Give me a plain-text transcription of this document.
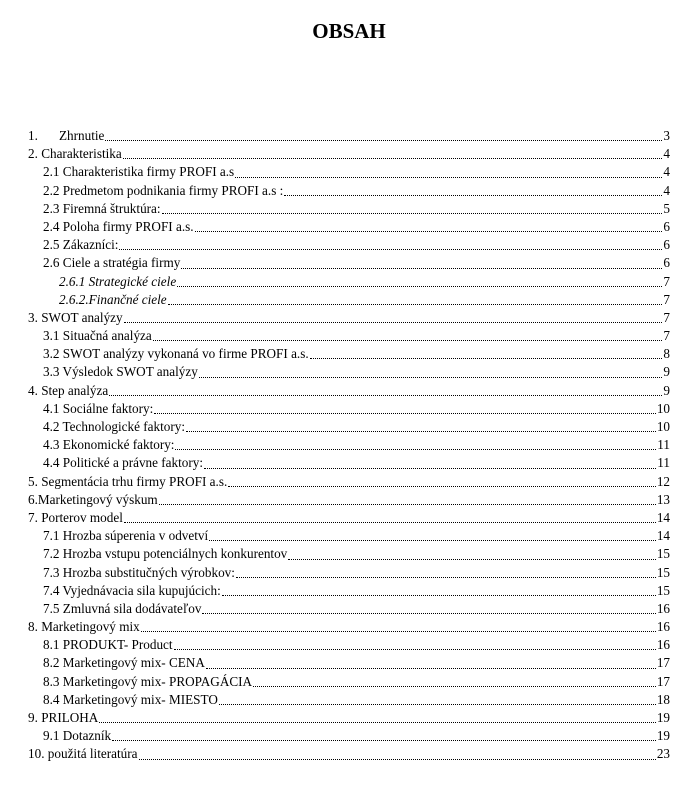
OBSAH
1.	Zhrnutie	3
2. Charakteristika	4
2.1 Charakteristika firmy PROFI a.s	4
2.2 Predmetom podnikania firmy PROFI a.s :	4
2.3 Firemná štruktúra:	5
2.4 Poloha firmy PROFI a.s.	6
2.5 Zákazníci:	6
2.6 Ciele a stratégia firmy	6
2.6.1 Strategické ciele	7
2.6.2.Finančné ciele	7
3. SWOT analýzy	7
3.1 Situačná analýza	7
3.2 SWOT analýzy vykonaná vo firme PROFI a.s.	8
3.3 Výsledok SWOT analýzy	9
4. Step analýza	9
4.1 Sociálne faktory:	10
4.2 Technologické faktory:	10
4.3 Ekonomické faktory:	11
4.4 Politické a právne faktory:	11
5. Segmentácia trhu firmy PROFI a.s.	12
6.Marketingový výskum	13
7. Porterov model	14
7.1 Hrozba súperenia v odvetví	14
7.2 Hrozba vstupu potenciálnych konkurentov	15
7.3 Hrozba substitučných výrobkov:	15
7.4 Vyjednávacia sila kupujúcich:	15
7.5 Zmluvná sila dodávateľov	16
8. Marketingový mix	16
8.1 PRODUKT- Product	16
8.2 Marketingový mix- CENA	17
8.3 Marketingový mix- PROPAGÁCIA	17
8.4 Marketingový mix- MIESTO	18
9. PRILOHA	19
9.1 Dotazník	19
10. použitá literatúra	23
